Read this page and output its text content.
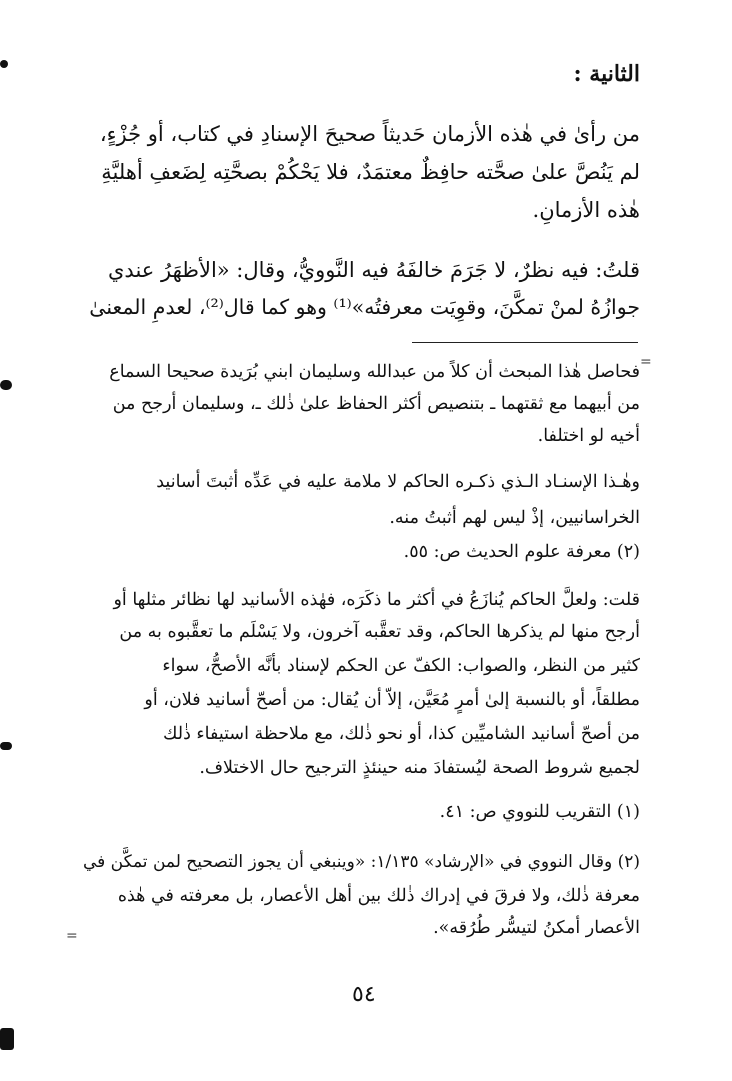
الثانية :
من رأىٰ في هٰذه الأزمان حَديثاً صحيحَ الإسنادِ في كتاب، أو جُزْءٍ،
لم يَنُصَّ علىٰ صحَّته حافِظٌ معتمَدٌ، فلا يَحْكُمْ بصحَّتِه لِضَعفِ أهليَّةِ
هٰذه الأزمانِ.
قلتُ: فيه نظرٌ، لا جَرَمَ خالفَهُ فيه النَّوويُّ، وقال: «الأظهَرُ عندي
جوازُهُ لمنْ تمكَّنَ، وقوِيَت معرفتُه»⁽¹⁾ وهو كما قال⁽²⁾، لعدمِ المعنىٰ
=
فحاصل هٰذا المبحث أن كلاً من عبدالله وسليمان ابني بُرَيدة صحيحا السماع
من أبيهما مع ثقتهما ـ بتنصيص أكثر الحفاظ علىٰ ذٰلك ـ، وسليمان أرجح من
أخيه لو اختلفا.
وهٰـذا الإسنـاد الـذي ذكـره الحاكم لا ملامة عليه في عَدِّه أثبتَ أسانيد
الخراسانيين، إذْ ليس لهم أثبتُ منه.
(٢) معرفة علوم الحديث ص: ٥٥.
قلت: ولعلَّ الحاكم يُنازَعُ في أكثر ما ذكَرَه، فهٰذه الأسانيد لها نظائر مثلها أو
أرجح منها لم يذكرها الحاكم، وقد تعقَّبه آخرون، ولا يَسْلَم ما تعقَّبوه به من
كثير من النظر، والصواب: الكفّ عن الحكم لإسناد بأنَّه الأصحُّ، سواء
مطلقاً، أو بالنسبة إلىٰ أمرٍ مُعَيَّن، إلاّ أن يُقال: من أصحّ أسانيد فلان، أو
من أصحّ أسانيد الشاميِّين كذا، أو نحو ذٰلك، مع ملاحظة استيفاء ذٰلك
لجميع شروط الصحة ليُستفادَ منه حينئذٍ الترجيح حال الاختلاف.
(١) التقريب للنووي ص: ٤١.
(٢) وقال النووي في «الإرشاد» ١/١٣٥: «وينبغي أن يجوز التصحيح لمن تمكَّن في
معرفة ذٰلك، ولا فرقَ في إدراك ذٰلك بين أهل الأعصار، بل معرفته في هٰذه
الأعصار أمكنُ لتيسُّر طُرُقه».
=
٥٤
